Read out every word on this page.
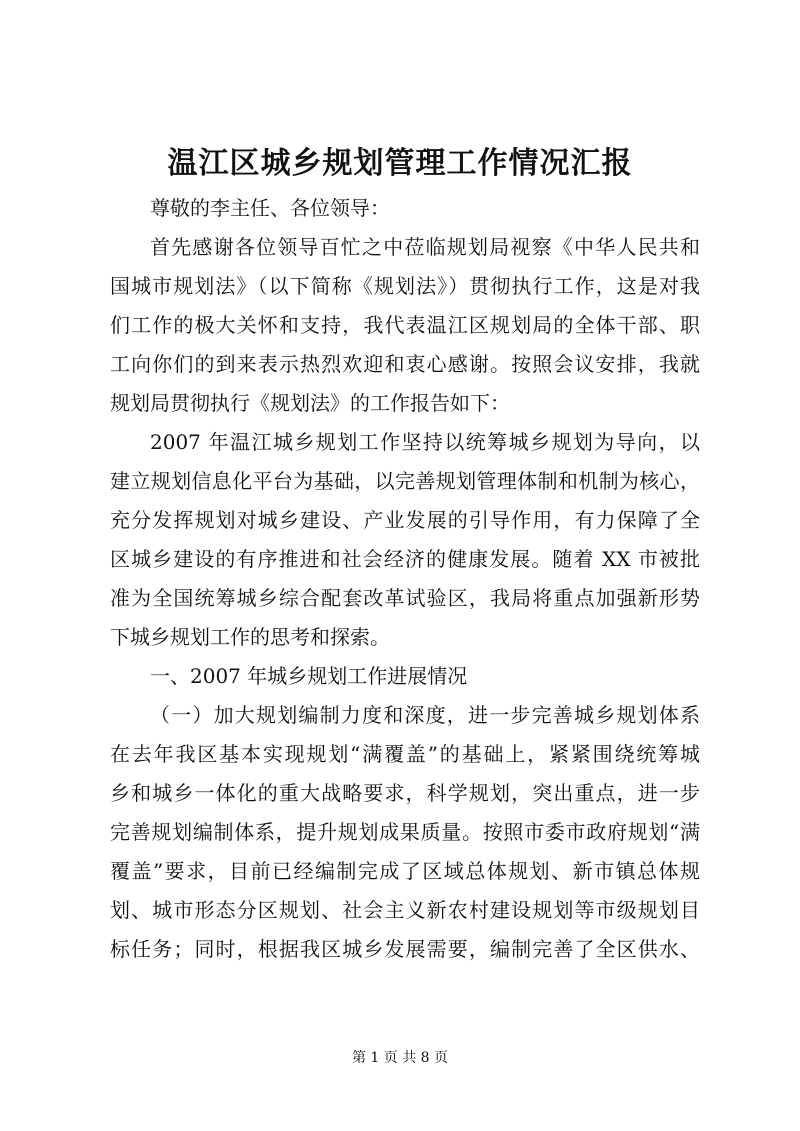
温江区城乡规划管理工作情况汇报
尊敬的李主任、各位领导：
首先感谢各位领导百忙之中莅临规划局视察《中华人民共和
国城市规划法》（以下简称《规划法》）贯彻执行工作，这是对我
们工作的极大关怀和支持，我代表温江区规划局的全体干部、职
工向你们的到来表示热烈欢迎和衷心感谢。按照会议安排，我就
规划局贯彻执行《规划法》的工作报告如下：
2007 年温江城乡规划工作坚持以统筹城乡规划为导向，以
建立规划信息化平台为基础，以完善规划管理体制和机制为核心，
充分发挥规划对城乡建设、产业发展的引导作用，有力保障了全
区城乡建设的有序推进和社会经济的健康发展。随着 XX 市被批
准为全国统筹城乡综合配套改革试验区，我局将重点加强新形势
下城乡规划工作的思考和探索。
一、2007 年城乡规划工作进展情况
（一）加大规划编制力度和深度，进一步完善城乡规划体系
在去年我区基本实现规划“满覆盖”的基础上，紧紧围绕统筹城
乡和城乡一体化的重大战略要求，科学规划，突出重点，进一步
完善规划编制体系，提升规划成果质量。按照市委市政府规划“满
覆盖”要求，目前已经编制完成了区域总体规划、新市镇总体规
划、城市形态分区规划、社会主义新农村建设规划等市级规划目
标任务；同时，根据我区城乡发展需要，编制完善了全区供水、
第 1 页 共 8 页
